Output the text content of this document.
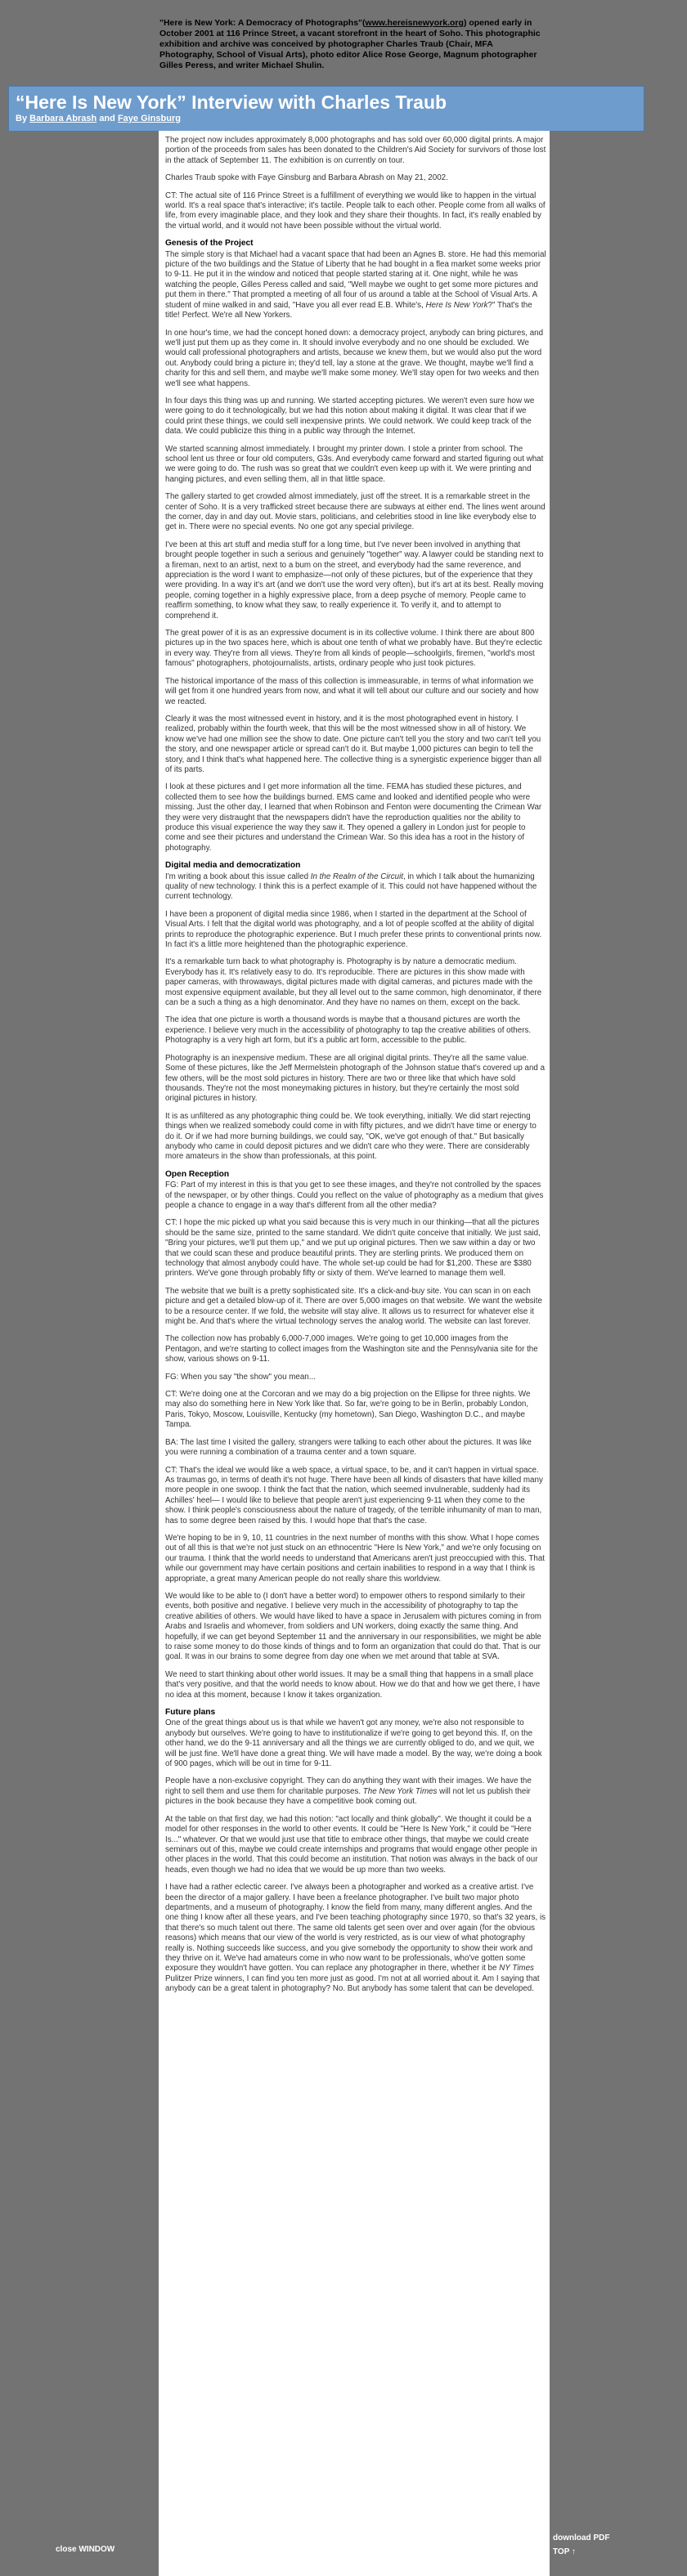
"Here is New York: A Democracy of Photographs"(www.hereisnewyork.org) opened early in October 2001 at 116 Prince Street, a vacant storefront in the heart of Soho. This photographic exhibition and archive was conceived by photographer Charles Traub (Chair, MFA Photography, School of Visual Arts), photo editor Alice Rose George, Magnum photographer Gilles Peress, and writer Michael Shulin.
“Here Is New York” Interview with Charles Traub
By Barbara Abrash and Faye Ginsburg

The project now includes approximately 8,000 photographs and has sold over 60,000 digital prints. A major portion of the proceeds from sales has been donated to the Children's Aid Society for survivors of those lost in the attack of September 11. The exhibition is on currently on tour.

Charles Traub spoke with Faye Ginsburg and Barbara Abrash on May 21, 2002.

CT: The actual site of 116 Prince Street is a fulfillment of everything we would like to happen in the virtual world. It's a real space that's interactive; it's tactile. People talk to each other. People come from all walks of life, from every imaginable place, and they look and they share their thoughts. In fact, it's really enabled by the virtual world, and it would not have been possible without the virtual world.

Genesis of the Project

The simple story is that Michael had a vacant space that had been an Agnes B. store. He had this memorial picture of the two buildings and the Statue of Liberty that he had bought in a flea market some weeks prior to 9-11. He put it in the window and noticed that people started staring at it. One night, while he was watching the people, Gilles Peress called and said, "Well maybe we ought to get some more pictures and put them in there." That prompted a meeting of all four of us around a table at the School of Visual Arts. A student of mine walked in and said, "Have you all ever read E.B. White's, Here Is New York?" That's the title! Perfect. We're all New Yorkers.

In one hour's time, we had the concept honed down: a democracy project, anybody can bring pictures, and we'll just put them up as they come in. It should involve everybody and no one should be excluded. We would call professional photographers and artists, because we knew them, but we would also put the word out. Anybody could bring a picture in; they'd tell, lay a stone at the grave. We thought, maybe we'll find a charity for this and sell them, and maybe we'll make some money. We'll stay open for two weeks and then we'll see what happens.

In four days this thing was up and running. We started accepting pictures. We weren't even sure how we were going to do it technologically, but we had this notion about making it digital. It was clear that if we could print these things, we could sell inexpensive prints. We could network. We could keep track of the data. We could publicize this thing in a public way through the Internet.

We started scanning almost immediately. I brought my printer down. I stole a printer from school. The school lent us three or four old computers, G3s. And everybody came forward and started figuring out what we were going to do. The rush was so great that we couldn't even keep up with it. We were printing and hanging pictures, and even selling them, all in that little space.

The gallery started to get crowded almost immediately, just off the street. It is a remarkable street in the center of Soho. It is a very trafficked street because there are subways at either end. The lines went around the corner, day in and day out. Movie stars, politicians, and celebrities stood in line like everybody else to get in. There were no special events. No one got any special privilege.

I've been at this art stuff and media stuff for a long time, but I've never been involved in anything that brought people together in such a serious and genuinely "together" way. A lawyer could be standing next to a fireman, next to an artist, next to a bum on the street, and everybody had the same reverence, and appreciation is the word I want to emphasize—not only of these pictures, but of the experience that they were providing. In a way it's art (and we don't use the word very often), but it's art at its best. Really moving people, coming together in a highly expressive place, from a deep psyche of memory. People came to reaffirm something, to know what they saw, to really experience it. To verify it, and to attempt to comprehend it.

The great power of it is as an expressive document is in its collective volume. I think there are about 800 pictures up in the two spaces here, which is about one tenth of what we probably have. But they're eclectic in every way. They're from all views. They're from all kinds of people—schoolgirls, firemen, "world's most famous" photographers, photojournalists, artists, ordinary people who just took pictures.

The historical importance of the mass of this collection is immeasurable, in terms of what information we will get from it one hundred years from now, and what it will tell about our culture and our society and how we reacted.

Clearly it was the most witnessed event in history, and it is the most photographed event in history. I realized, probably within the fourth week, that this will be the most witnessed show in all of history. We know we've had one million see the show to date. One picture can't tell you the story and two can't tell you the story, and one newspaper article or spread can't do it. But maybe 1,000 pictures can begin to tell the story, and I think that's what happened here. The collective thing is a synergistic experience bigger than all of its parts.

I look at these pictures and I get more information all the time. FEMA has studied these pictures, and collected them to see how the buildings burned. EMS came and looked and identified people who were missing. Just the other day, I learned that when Robinson and Fenton were documenting the Crimean War they were very distraught that the newspapers didn't have the reproduction qualities nor the ability to produce this visual experience the way they saw it. They opened a gallery in London just for people to come and see their pictures and understand the Crimean War. So this idea has a root in the history of photography.

Digital media and democratization

I'm writing a book about this issue called In the Realm of the Circuit, in which I talk about the humanizing quality of new technology. I think this is a perfect example of it. This could not have happened without the current technology.

I have been a proponent of digital media since 1986, when I started in the department at the School of Visual Arts. I felt that the digital world was photography, and a lot of people scoffed at the ability of digital prints to reproduce the photographic experience. But I much prefer these prints to conventional prints now. In fact it's a little more heightened than the photographic experience.

It's a remarkable turn back to what photography is. Photography is by nature a democratic medium. Everybody has it. It's relatively easy to do. It's reproducible. There are pictures in this show made with paper cameras, with throwaways, digital pictures made with digital cameras, and pictures made with the most expensive equipment available, but they all level out to the same common, high denominator, if there can be a such a thing as a high denominator. And they have no names on them, except on the back.

The idea that one picture is worth a thousand words is maybe that a thousand pictures are worth the experience. I believe very much in the accessibility of photography to tap the creative abilities of others. Photography is a very high art form, but it's a public art form, accessible to the public.

Photography is an inexpensive medium. These are all original digital prints. They're all the same value. Some of these pictures, like the Jeff Mermelstein photograph of the Johnson statue that's covered up and a few others, will be the most sold pictures in history. There are two or three like that which have sold thousands. They're not the most moneymaking pictures in history, but they're certainly the most sold original pictures in history.

It is as unfiltered as any photographic thing could be. We took everything, initially. We did start rejecting things when we realized somebody could come in with fifty pictures, and we didn't have time or energy to do it. Or if we had more burning buildings, we could say, "OK, we've got enough of that." But basically anybody who came in could deposit pictures and we didn't care who they were. There are considerably more amateurs in the show than professionals, at this point.

Open Reception

FG: Part of my interest in this is that you get to see these images, and they're not controlled by the spaces of the newspaper, or by other things. Could you reflect on the value of photography as a medium that gives people a chance to engage in a way that's different from all the other media?

CT: I hope the mic picked up what you said because this is very much in our thinking—that all the pictures should be the same size, printed to the same standard. We didn't quite conceive that initially. We just said, "Bring your pictures, we'll put them up," and we put up original pictures. Then we saw within a day or two that we could scan these and produce beautiful prints. They are sterling prints. We produced them on technology that almost anybody could have. The whole set-up could be had for $1,200. These are $380 printers. We've gone through probably fifty or sixty of them. We've learned to manage them well.

The website that we built is a pretty sophisticated site. It's a click-and-buy site. You can scan in on each picture and get a detailed blow-up of it. There are over 5,000 images on that website. We want the website to be a resource center. If we fold, the website will stay alive. It allows us to resurrect for whatever else it might be. And that's where the virtual technology serves the analog world. The website can last forever.

The collection now has probably 6,000-7,000 images. We're going to get 10,000 images from the Pentagon, and we're starting to collect images from the Washington site and the Pennsylvania site for the show, various shows on 9-11.

FG: When you say "the show" you mean...

CT: We're doing one at the Corcoran and we may do a big projection on the Ellipse for three nights. We may also do something here in New York like that. So far, we're going to be in Berlin, probably London, Paris, Tokyo, Moscow, Louisville, Kentucky (my hometown), San Diego, Washington D.C., and maybe Tampa.

BA: The last time I visited the gallery, strangers were talking to each other about the pictures. It was like you were running a combination of a trauma center and a town square.

CT: That's the ideal we would like a web space, a virtual space, to be, and it can't happen in virtual space. As traumas go, in terms of death it's not huge. There have been all kinds of disasters that have killed many more people in one swoop. I think the fact that the nation, which seemed invulnerable, suddenly had its Achilles' heel— I would like to believe that people aren't just experiencing 9-11 when they come to the show. I think people's consciousness about the nature of tragedy, of the terrible inhumanity of man to man, has to some degree been raised by this. I would hope that that's the case.

We're hoping to be in 9, 10, 11 countries in the next number of months with this show. What I hope comes out of all this is that we're not just stuck on an ethnocentric "Here Is New York," and we're only focusing on our trauma. I think that the world needs to understand that Americans aren't just preoccupied with this. That while our government may have certain positions and certain inabilities to respond in a way that I think is appropriate, a great many American people do not really share this worldview.

We would like to be able to (I don't have a better word) to empower others to respond similarly to their events, both positive and negative. I believe very much in the accessibility of photography to tap the creative abilities of others. We would have liked to have a space in Jerusalem with pictures coming in from Arabs and Israelis and whomever, from soldiers and UN workers, doing exactly the same thing. And hopefully, if we can get beyond September 11 and the anniversary in our responsibilities, we might be able to raise some money to do those kinds of things and to form an organization that could do that. That is our goal. It was in our brains to some degree from day one when we met around that table at SVA.

We need to start thinking about other world issues. It may be a small thing that happens in a small place that's very positive, and that the world needs to know about. How we do that and how we get there, I have no idea at this moment, because I know it takes organization.

Future plans

One of the great things about us is that while we haven't got any money, we're also not responsible to anybody but ourselves. We're going to have to institutionalize if we're going to get beyond this. If, on the other hand, we do the 9-11 anniversary and all the things we are currently obliged to do, and we quit, we will be just fine. We'll have done a great thing. We will have made a model. By the way, we're doing a book of 900 pages, which will be out in time for 9-11.

People have a non-exclusive copyright. They can do anything they want with their images. We have the right to sell them and use them for charitable purposes. The New York Times will not let us publish their pictures in the book because they have a competitive book coming out.

At the table on that first day, we had this notion: "act locally and think globally". We thought it could be a model for other responses in the world to other events. It could be "Here Is New York," it could be "Here Is..." whatever. Or that we would just use that title to embrace other things, that maybe we could create seminars out of this, maybe we could create internships and programs that would engage other people in other places in the world. That this could become an institution. That notion was always in the back of our heads, even though we had no idea that we would be up more than two weeks.

I have had a rather eclectic career. I've always been a photographer and worked as a creative artist. I've been the director of a major gallery. I have been a freelance photographer. I've built two major photo departments, and a museum of photography. I know the field from many, many different angles. And the one thing I know after all these years, and I've been teaching photography since 1970, so that's 32 years, is that there's so much talent out there. The same old talents get seen over and over again (for the obvious reasons) which means that our view of the world is very restricted, as is our view of what photography really is. Nothing succeeds like success, and you give somebody the opportunity to show their work and they thrive on it. We've had amateurs come in who now want to be professionals, who've gotten some exposure they wouldn't have gotten. You can replace any photographer in there, whether it be NY Times Pulitzer Prize winners, I can find you ten more just as good. I'm not at all worried about it. Am I saying that anybody can be a great talent in photography? No. But anybody has some talent that can be developed.

close WINDOW
download PDF
TOP ↑
